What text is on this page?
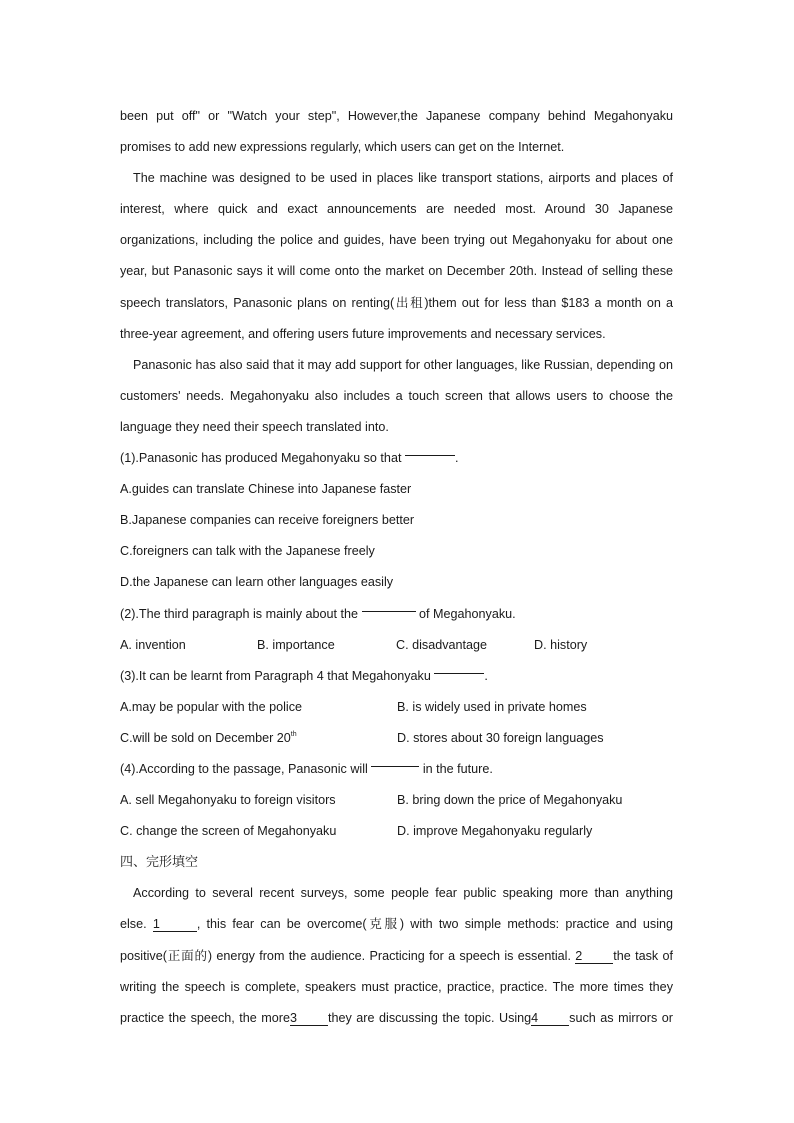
been put off" or "Watch your step", However,the Japanese company behind Megahonyaku

promises to add new expressions regularly, which users can get on the Internet.

The machine was designed to be used in places like transport stations, airports and places of

interest, where quick and exact announcements are needed most. Around 30 Japanese

organizations, including the police and guides, have been trying out Megahonyaku for about one

year, but Panasonic says it will come onto the market on December 20th. Instead of selling these

speech translators, Panasonic plans on renting(出租)them out for less than $183 a month on a

three-year agreement, and offering users future improvements and necessary services.

Panasonic has also said that it may add support for other languages, like Russian, depending on

customers' needs. Megahonyaku also includes a touch screen that allows users to choose the

language they need their speech translated into.

(1).Panasonic has produced Megahonyaku so that
	.

A.guides can translate Chinese into Japanese faster

B.Japanese companies can receive foreigners better

C.foreigners can talk with the Japanese freely

D.the Japanese can learn other languages easily

(2).The third paragraph is mainly about the

	of Megahonyaku.

A. invention	B. importance	C. disadvantage	D. history

(3).It can be learnt from Paragraph 4 that Megahonyaku
	.

A.may be popular with the police	B. is widely used in private homes

C.will be sold on December 20th	D. stores about 30 foreign languages

(4).According to the passage, Panasonic will

	in the future.

A. sell Megahonyaku to foreign visitors	B. bring down the price of Megahonyaku

C. change the screen of Megahonyaku	D. improve Megahonyaku regularly

四、完形填空

According to several recent surveys, some people fear public speaking more than anything

else. 1	, this fear can be overcome(克服) with two simple methods: practice and using

positive(正面的) energy from the audience. Practicing for a speech is essential. 2 the task of

writing the speech is complete, speakers must practice, practice, practice. The more times they

practice the speech, the more3 they are discussing the topic. Using4 such as mirrors or
